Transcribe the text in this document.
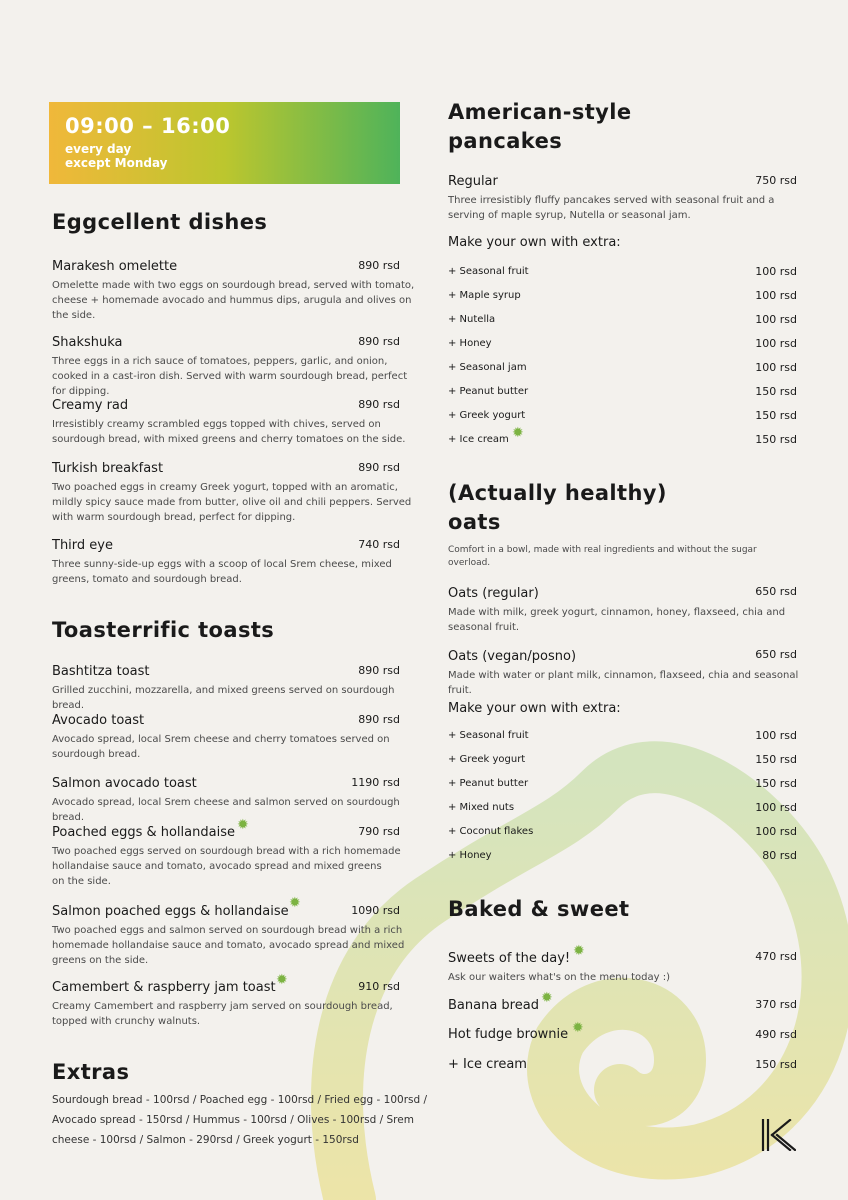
09:00 – 16:00
every day
except Monday
Eggcellent dishes
Marakesh omelette	890 rsd
Omelette made with two eggs on sourdough bread, served with tomato,
cheese + homemade avocado and hummus dips, arugula and olives on
the side.
Shakshuka	890 rsd
Three eggs in a rich sauce of tomatoes, peppers, garlic, and onion,
cooked in a cast-iron dish. Served with warm sourdough bread, perfect
for dipping.
Creamy rad	890 rsd
Irresistibly creamy scrambled eggs topped with chives, served on
sourdough bread, with mixed greens and cherry tomatoes on the side.
Turkish breakfast	890 rsd
Two poached eggs in creamy Greek yogurt, topped with an aromatic,
mildly spicy sauce made from butter, olive oil and chili peppers. Served
with warm sourdough bread, perfect for dipping.
Third eye	740 rsd
Three sunny-side-up eggs with a scoop of local Srem cheese, mixed
greens, tomato and sourdough bread.
Toasterrific toasts
Bashtitza toast	890 rsd
Grilled zucchini, mozzarella, and mixed greens served on sourdough
bread.
Avocado toast	890 rsd
Avocado spread, local Srem cheese and cherry tomatoes served on
sourdough bread.
Salmon avocado toast	1190 rsd
Avocado spread, local Srem cheese and salmon served on sourdough
bread.
Poached eggs & hollandaise ✹	790 rsd
Two poached eggs served on sourdough bread with a rich homemade
hollandaise sauce and tomato, avocado spread and mixed greens
on the side.
Salmon poached eggs & hollandaise
✹	1090 rsd
Two poached eggs and salmon served on sourdough bread with a rich
homemade hollandaise sauce and tomato, avocado spread and mixed
greens on the side.
Camembert & raspberry jam toast ✹	910 rsd
Creamy Camembert and raspberry jam served on sourdough bread,
topped with crunchy walnuts.
Extras
Sourdough bread - 100rsd / Poached egg - 100rsd / Fried egg - 100rsd /
Avocado spread - 150rsd / Hummus - 100rsd / Olives - 100rsd / Srem
cheese - 100rsd / Salmon - 290rsd / Greek yogurt - 150rsd
American-style
pancakes
Regular	750 rsd
Three irresistibly fluffy pancakes served with seasonal fruit and a
serving of maple syrup, Nutella or seasonal jam.
Make your own with extra:
+ Seasonal fruit	100 rsd
+ Maple syrup	100 rsd
+ Nutella	100 rsd
+ Honey	100 rsd
+ Seasonal jam	100 rsd
+ Peanut butter	150 rsd
+ Greek yogurt	150 rsd
+ Ice cream ✹	150 rsd
(Actually healthy)
oats
Comfort in a bowl, made with real ingredients and without the sugar
overload.
Oats (regular)	650 rsd
Made with milk, greek yogurt, cinnamon, honey, flaxseed, chia and
seasonal fruit.
Oats (vegan/posno)	650 rsd
Made with water or plant milk, cinnamon, flaxseed, chia and seasonal
fruit.
Make your own with extra:
+ Seasonal fruit	100 rsd
+ Greek yogurt	150 rsd
+ Peanut butter	150 rsd
+ Mixed nuts	100 rsd
+ Coconut flakes	100 rsd
+ Honey	80 rsd
Baked & sweet
Sweets of the day! ✹	470 rsd
Ask our waiters what's on the menu today :)
Banana bread ✹	370 rsd
Hot fudge brownie ✹	490 rsd
+ Ice cream	150 rsd
